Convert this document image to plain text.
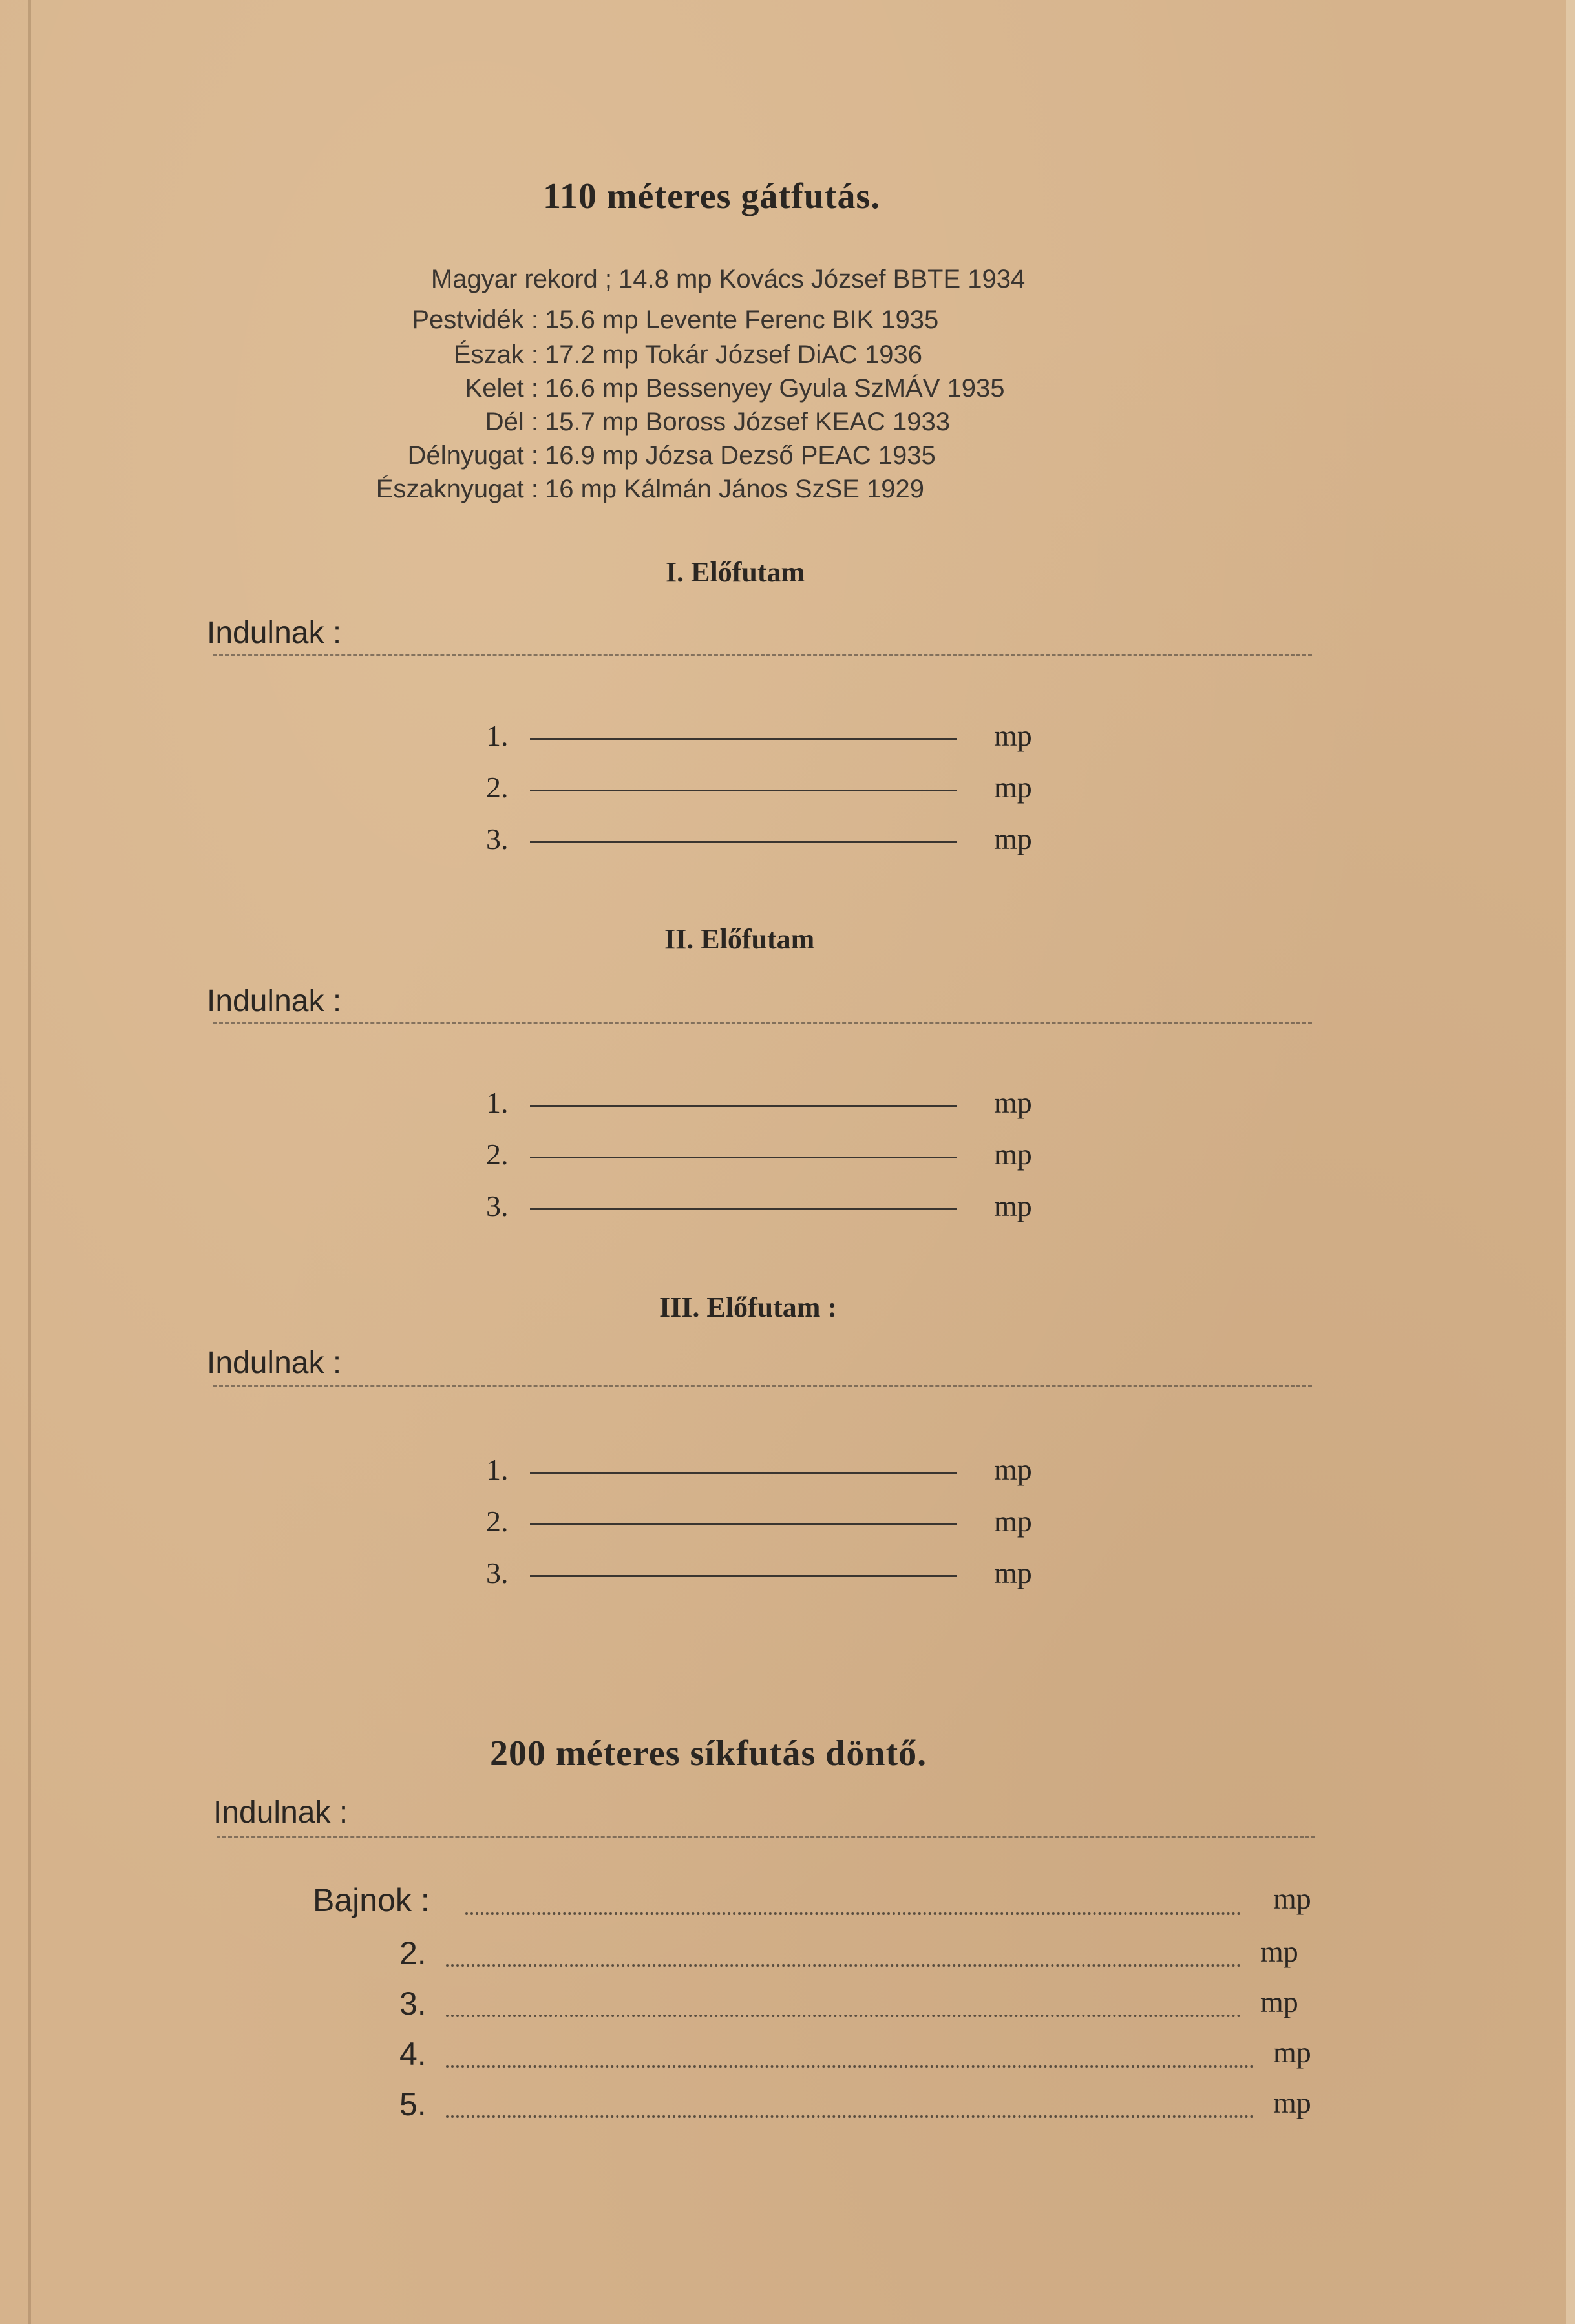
110 méteres gátfutás.
Magyar rekord ; 14.8 mp Kovács József BBTE 1934
Pestvidék : 15.6 mp Levente Ferenc BIK 1935
Észak : 17.2 mp Tokár József DiAC 1936
Kelet : 16.6 mp Bessenyey Gyula SzMÁV 1935
Dél : 15.7 mp Boross József KEAC 1933
Délnyugat : 16.9 mp Józsa Dezső PEAC 1935
Északnyugat : 16 mp Kálmán János SzSE 1929
I. Előfutam
Indulnak :
1.	mp
2.	mp
3.	mp
II. Előfutam
Indulnak :
1.	mp
2.	mp
3.	mp
III. Előfutam :
Indulnak :
1.	mp
2.	mp
3.	mp
200 méteres síkfutás döntő.
Indulnak :
Bajnok :	mp
2.	mp
3.	mp
4.	mp
5.	mp
